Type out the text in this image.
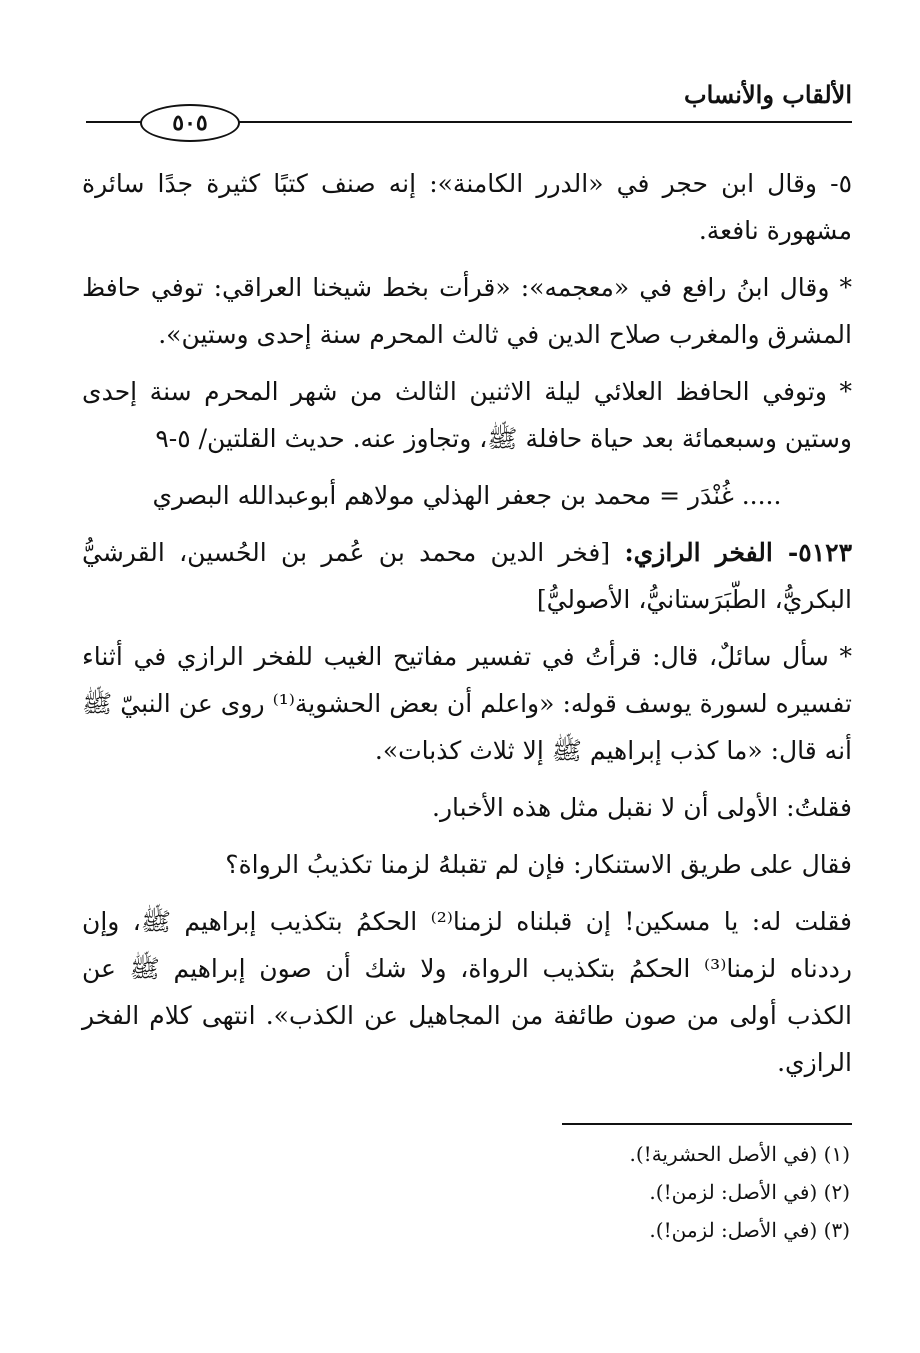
الألقاب والأنساب
٥٠٥

٥- وقال ابن حجر في «الدرر الكامنة»: إنه صنف كتبًا كثيرة جدًا سائرة مشهورة نافعة.

* وقال ابنُ رافع في «معجمه»: «قرأت بخط شيخنا العراقي: توفي حافظ المشرق والمغرب صلاح الدين في ثالث المحرم سنة إحدى وستين».

* وتوفي الحافظ العلائي ليلة الاثنين الثالث من شهر المحرم سنة إحدى وستين وسبعمائة بعد حياة حافلة ﷺ، وتجاوز عنه. حديث القلتين/ ٥-٩

..... غُنْدَر = محمد بن جعفر الهذلي مولاهم أبوعبدالله البصري

٥١٢٣- الفخر الرازي: [فخر الدين محمد بن عُمر بن الحُسين، القرشيُّ البكريُّ، الطّبَرَستانيُّ، الأصوليُّ]

* سأل سائلٌ، قال: قرأتُ في تفسير مفاتيح الغيب للفخر الرازي في أثناء تفسيره لسورة يوسف قوله: «واعلم أن بعض الحشوية⁽¹⁾ روى عن النبيّ ﷺ أنه قال: «ما كذب إبراهيم ﷺ إلا ثلاث كذبات».

فقلتُ: الأولى أن لا نقبل مثل هذه الأخبار.

فقال على طريق الاستنكار: فإن لم تقبلهُ لزمنا تكذيبُ الرواة؟

فقلت له: يا مسكين! إن قبلناه لزمنا⁽²⁾ الحكمُ بتكذيب إبراهيم ﷺ، وإن رددناه لزمنا⁽³⁾ الحكمُ بتكذيب الرواة، ولا شك أن صون إبراهيم ﷺ عن الكذب أولى من صون طائفة من المجاهيل عن الكذب». انتهى كلام الفخر الرازي.

(١) (في الأصل الحشرية!).
(٢) (في الأصل: لزمن!).
(٣) (في الأصل: لزمن!).
